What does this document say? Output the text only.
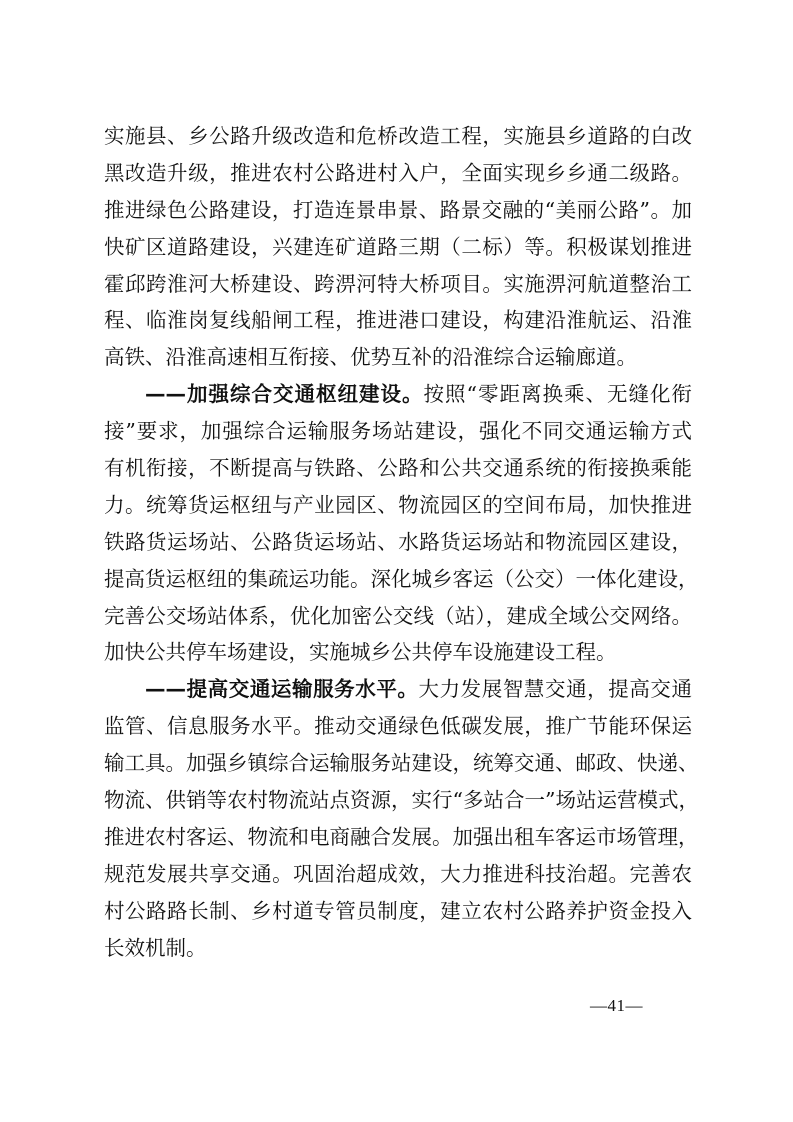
实施县、乡公路升级改造和危桥改造工程，实施县乡道路的白改
黑改造升级，推进农村公路进村入户，全面实现乡乡通二级路。
推进绿色公路建设，打造连景串景、路景交融的“美丽公路”。加
快矿区道路建设，兴建连矿道路三期（二标）等。积极谋划推进
霍邱跨淮河大桥建设、跨淠河特大桥项目。实施淠河航道整治工
程、临淮岗复线船闸工程，推进港口建设，构建沿淮航运、沿淮
高铁、沿淮高速相互衔接、优势互补的沿淮综合运输廊道。
——加强综合交通枢纽建设。按照“零距离换乘、无缝化衔
接”要求，加强综合运输服务场站建设，强化不同交通运输方式
有机衔接，不断提高与铁路、公路和公共交通系统的衔接换乘能
力。统筹货运枢纽与产业园区、物流园区的空间布局，加快推进
铁路货运场站、公路货运场站、水路货运场站和物流园区建设，
提高货运枢纽的集疏运功能。深化城乡客运（公交）一体化建设，
完善公交场站体系，优化加密公交线（站），建成全域公交网络。
加快公共停车场建设，实施城乡公共停车设施建设工程。
——提高交通运输服务水平。大力发展智慧交通，提高交通
监管、信息服务水平。推动交通绿色低碳发展，推广节能环保运
输工具。加强乡镇综合运输服务站建设，统筹交通、邮政、快递、
物流、供销等农村物流站点资源，实行“多站合一”场站运营模式，
推进农村客运、物流和电商融合发展。加强出租车客运市场管理，
规范发展共享交通。巩固治超成效，大力推进科技治超。完善农
村公路路长制、乡村道专管员制度，建立农村公路养护资金投入
长效机制。
—41—
